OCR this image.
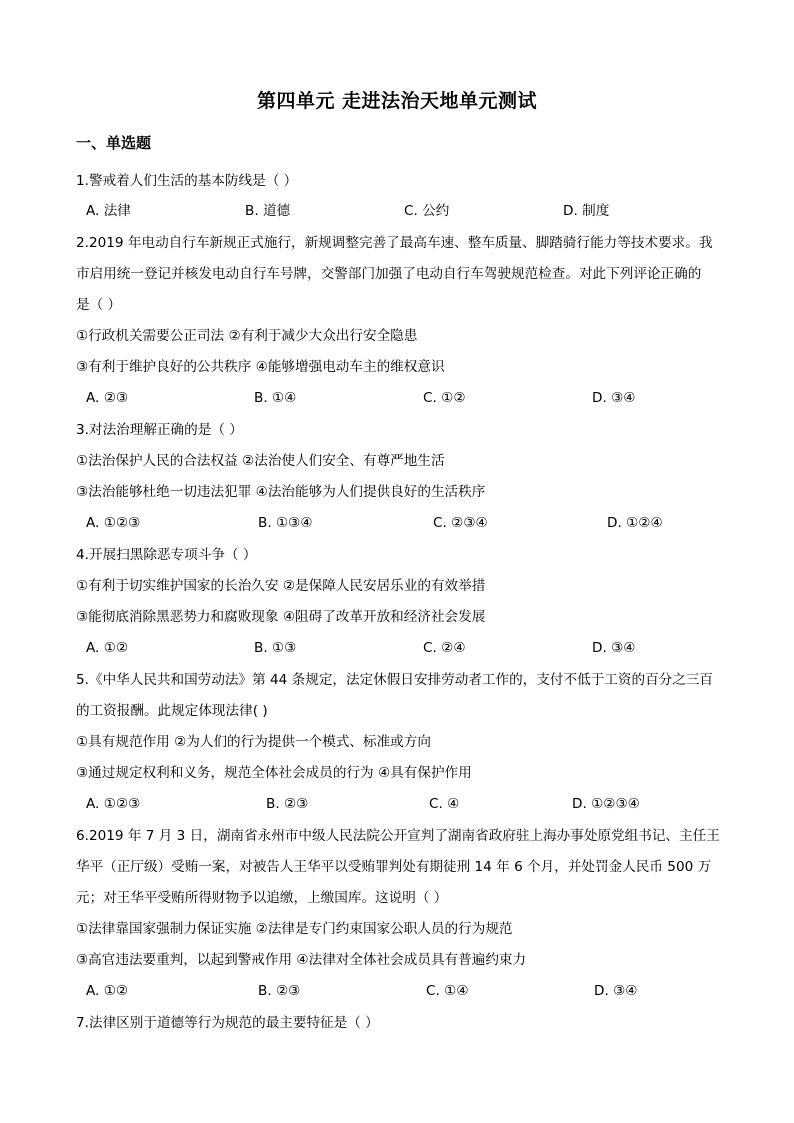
第四单元 走进法治天地单元测试
一、单选题
1.警戒着人们生活的基本防线是（ ）
A. 法律	B. 道德	C. 公约	D. 制度
2.2019 年电动自行车新规正式施行，新规调整完善了最高车速、整车质量、脚踏骑行能力等技术要求。我
市启用统一登记并核发电动自行车号牌，交警部门加强了电动自行车驾驶规范检查。对此下列评论正确的
是（ ）
①行政机关需要公正司法 ②有利于减少大众出行安全隐患
③有利于维护良好的公共秩序 ④能够增强电动车主的维权意识
A. ②③	B. ①④	C. ①②	D. ③④
3.对法治理解正确的是（ ）
①法治保护人民的合法权益 ②法治使人们安全、有尊严地生活
③法治能够杜绝一切违法犯罪 ④法治能够为人们提供良好的生活秩序
A. ①②③	B. ①③④	C. ②③④	D. ①②④
4.开展扫黑除恶专项斗争（ ）
①有利于切实维护国家的长治久安 ②是保障人民安居乐业的有效举措
③能彻底消除黑恶势力和腐败现象 ④阻碍了改革开放和经济社会发展
A. ①②	B. ①③	C. ②④	D. ③④
5.《中华人民共和国劳动法》第 44 条规定，法定休假日安排劳动者工作的，支付不低于工资的百分之三百
的工资报酬。此规定体现法律( )
①具有规范作用 ②为人们的行为提供一个模式、标准或方向
③通过规定权利和义务，规范全体社会成员的行为 ④具有保护作用
A. ①②③	B. ②③	C. ④	D. ①②③④
6.2019 年 7 月 3 日，湖南省永州市中级人民法院公开宣判了湖南省政府驻上海办事处原党组书记、主任王
华平（正厅级）受贿一案，对被告人王华平以受贿罪判处有期徒刑 14 年 6 个月，并处罚金人民币 500 万
元；对王华平受贿所得财物予以追缴，上缴国库。这说明（ ）
①法律靠国家强制力保证实施 ②法律是专门约束国家公职人员的行为规范
③高官违法要重判，以起到警戒作用 ④法律对全体社会成员具有普遍约束力
A. ①②	B. ②③	C. ①④	D. ③④
7.法律区别于道德等行为规范的最主要特征是（ ）
